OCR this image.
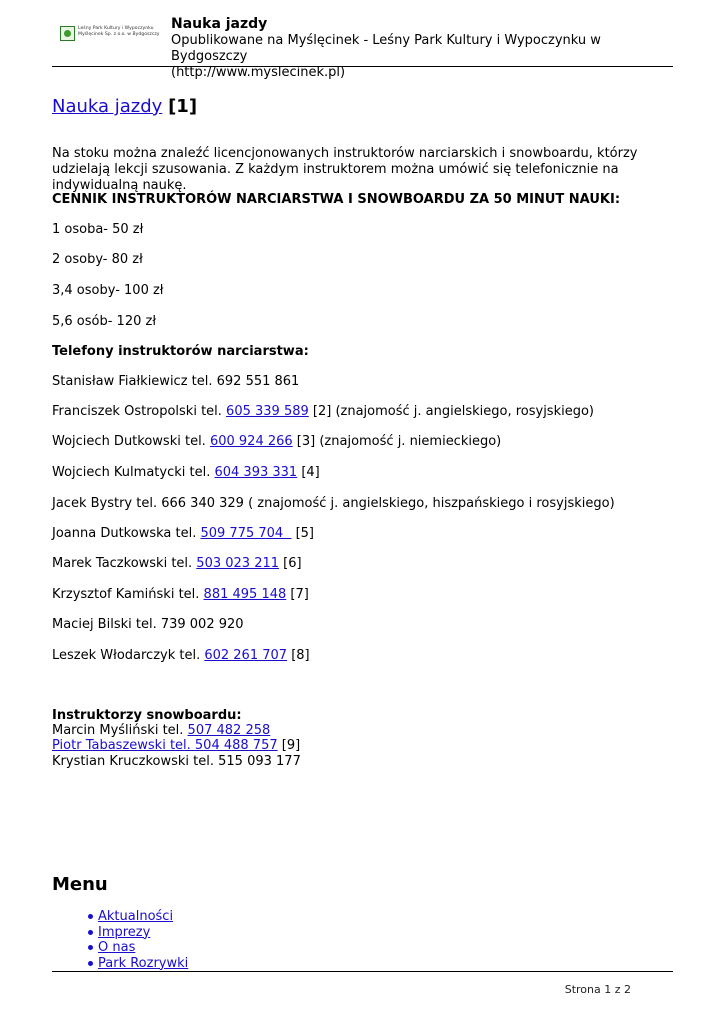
Leśny Park Kultury i Wypoczynku
Myślęcinek Sp. z o.o. w Bydgoszczy
Nauka jazdy
Opublikowane na Myślęcinek - Leśny Park Kultury i Wypoczynku w Bydgoszczy
(http://www.myslecinek.pl)
Nauka jazdy [1]
Na stoku można znaleźć licencjonowanych instruktorów narciarskich i snowboardu, którzy udzielają lekcji szusowania. Z każdym instruktorem można umówić się telefonicznie na indywidualną naukę.
CENNIK INSTRUKTORÓW NARCIARSTWA I SNOWBOARDU ZA 50 MINUT NAUKI:
1 osoba- 50 zł
2 osoby- 80 zł
3,4 osoby- 100 zł
5,6 osób- 120 zł
Telefony instruktorów narciarstwa:
Stanisław Fiałkiewicz tel. 692 551 861
Franciszek Ostropolski tel. 605 339 589 [2] (znajomość j. angielskiego, rosyjskiego)
Wojciech Dutkowski tel. 600 924 266 [3] (znajomość j. niemieckiego)
Wojciech Kulmatycki tel. 604 393 331 [4]
Jacek Bystry tel. 666 340 329 ( znajomość j. angielskiego, hiszpańskiego i rosyjskiego)
Joanna Dutkowska tel. 509 775 704   [5]
Marek Taczkowski tel. 503 023 211 [6]
Krzysztof Kamiński tel. 881 495 148 [7]
Maciej Bilski tel. 739 002 920
Leszek Włodarczyk tel. 602 261 707 [8]
Instruktorzy snowboardu:
Marcin Myśliński tel. 507 482 258
Piotr Tabaszewski tel. 504 488 757 [9]
Krystian Kruczkowski tel. 515 093 177
Menu
Aktualności
Imprezy
O nas
Park Rozrywki
Strona 1 z 2
